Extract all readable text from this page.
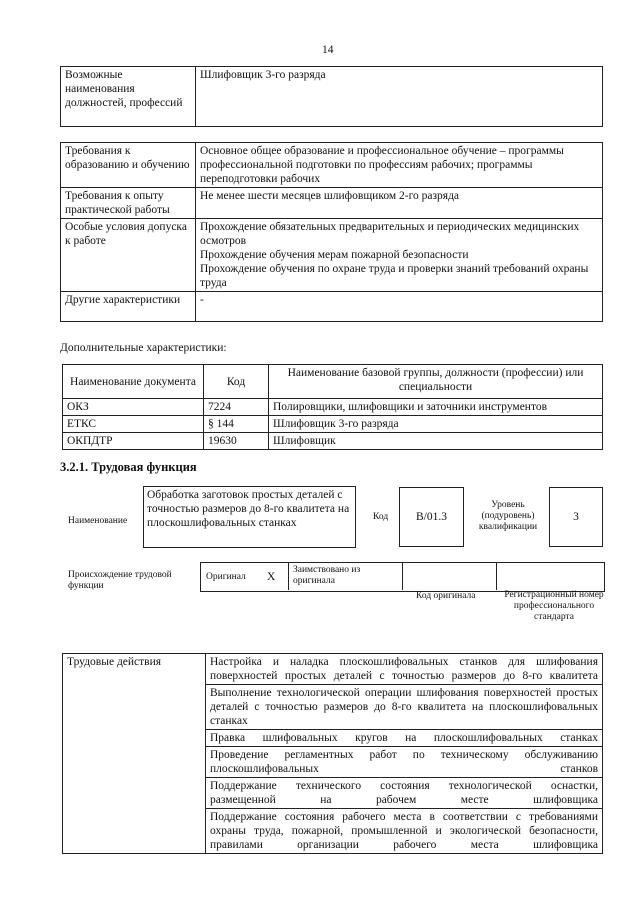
14
Возможные наименования должностей, профессий	Шлифовщик 3-го разряда
Требования к образованию и обучению	Основное общее образование и профессиональное обучение – программы профессиональной подготовки по профессиям рабочих; программы переподготовки рабочих
Требования к опыту практической работы	Не менее шести месяцев шлифовщиком 2-го разряда
Особые условия допуска к работе	Прохождение обязательных предварительных и периодических медицинских осмотров
Прохождение обучения мерам пожарной безопасности
Прохождение обучения по охране труда и проверки знаний требований охраны труда

Другие характеристики	-
Дополнительные характеристики:
Наименование документа	Код	Наименование базовой группы, должности (профессии) или специальности
ОКЗ	7224	Полировщики, шлифовщики и заточники инструментов
ЕТКС	§ 144	Шлифовщик 3-го разряда
ОКПДТР	19630	Шлифовщик
3.2.1. Трудовая функция
Наименование
Обработка заготовок простых деталей с точностью размеров до 8-го квалитета на плоскошлифовальных станках	Код	B/01.3
Уровень (подуровень) квалификации
3
Происхождение трудовой функции
Оригинал X
Заимствовано из оригинала
Код оригинала	Регистрационный номер профессионального стандарта
Трудовые действия	Настройка и наладка плоскошлифовальных станков для шлифования поверхностей простых деталей с точностью размеров до 8-го квалитета
Выполнение технологической операции шлифования поверхностей простых деталей с точностью размеров до 8-го квалитета на плоскошлифовальных станках
Правка шлифовальных кругов на плоскошлифовальных станках
Проведение регламентных работ по техническому обслуживанию плоскошлифовальных станков
Поддержание технического состояния технологической оснастки, размещенной на рабочем месте шлифовщика
Поддержание состояния рабочего места в соответствии с требованиями охраны труда, пожарной, промышленной и экологической безопасности, правилами организации рабочего места шлифовщика
